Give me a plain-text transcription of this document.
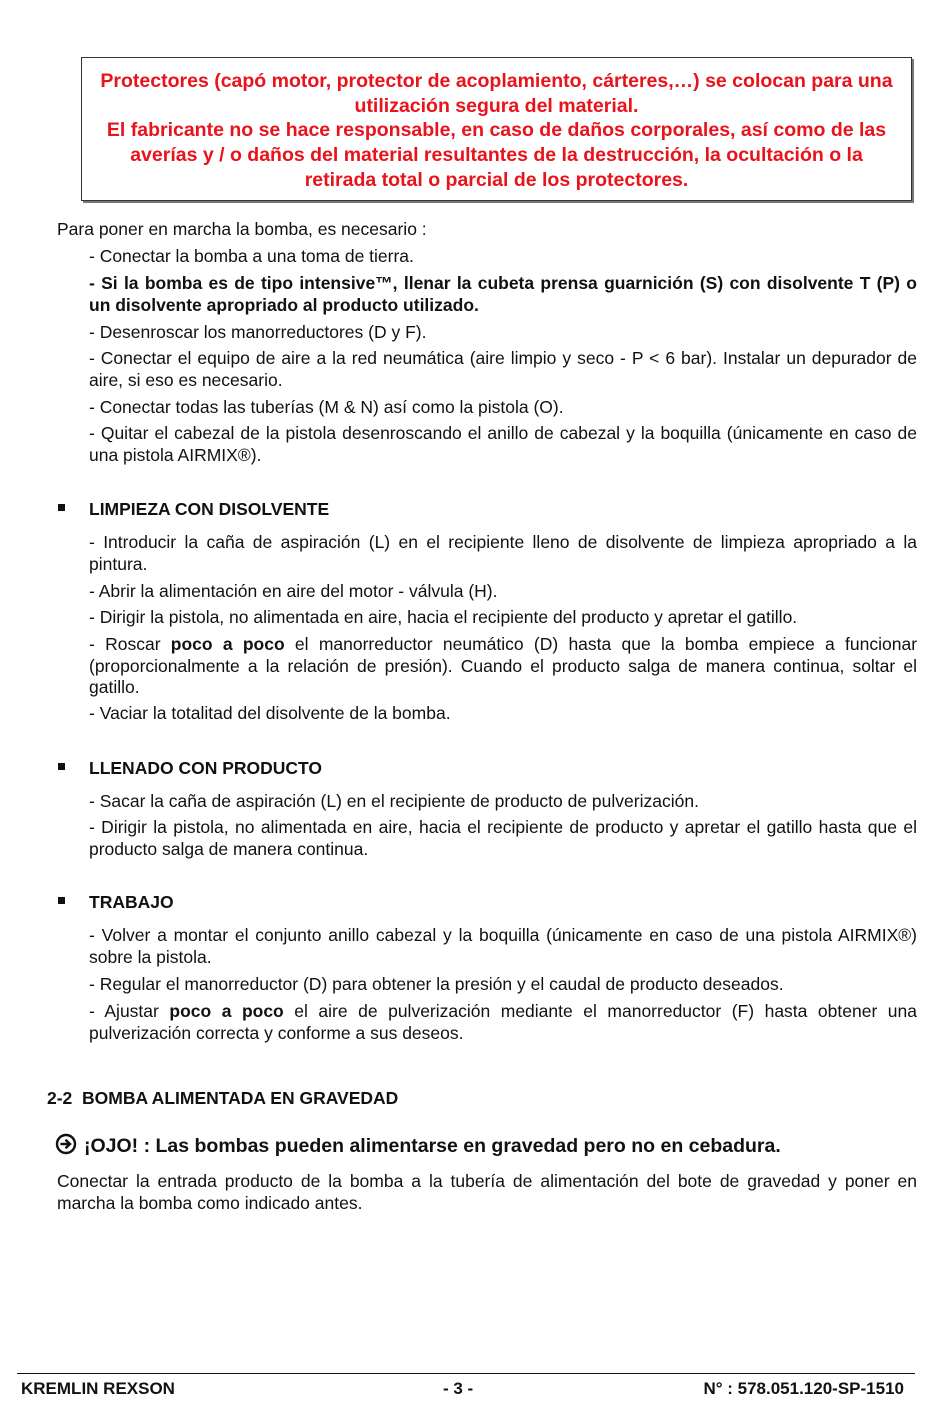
Protectores (capó motor, protector de acoplamiento, cárteres,…) se colocan para una utilización segura del material.

El fabricante no se hace responsable, en caso de daños corporales, así como de las averías y / o daños del material resultantes de la destrucción, la ocultación o la retirada total o parcial de los protectores.

Para poner en marcha la bomba, es necesario :

- Conectar la bomba a una toma de tierra.

- Si la bomba es de tipo intensive™, llenar la cubeta prensa guarnición (S) con disolvente T (P) o un disolvente apropriado al producto utilizado.

- Desenroscar los manorreductores (D y F).

- Conectar el equipo de aire a la red neumática (aire limpio y seco - P < 6 bar). Instalar un depurador de aire, si eso es necesario.

- Conectar todas las tuberías (M & N) así como la pistola (O).

- Quitar el cabezal de la pistola desenroscando el anillo de cabezal y la boquilla (únicamente en caso de una pistola AIRMIX®).

LIMPIEZA CON DISOLVENTE

- Introducir la caña de aspiración (L) en el recipiente lleno de disolvente de limpieza apropriado a la pintura.

- Abrir la alimentación en aire del motor - válvula (H).

- Dirigir la pistola, no alimentada en aire, hacia el recipiente del producto y apretar el gatillo.

- Roscar poco a poco el manorreductor neumático (D) hasta que la bomba empiece a funcionar (proporcionalmente a la relación de presión). Cuando el producto salga de manera continua, soltar el gatillo.

- Vaciar la totalitad del disolvente de la bomba.

LLENADO CON PRODUCTO

- Sacar la caña de aspiración (L) en el recipiente de producto de pulverización.

- Dirigir la pistola, no alimentada en aire, hacia el recipiente de producto y apretar el gatillo hasta que el producto salga de manera continua.

TRABAJO

- Volver a montar el conjunto anillo cabezal y la boquilla (únicamente en caso de una pistola AIRMIX®) sobre la pistola.

- Regular el manorreductor (D) para obtener la presión y el caudal de producto deseados.

- Ajustar poco a poco el aire de pulverización mediante el manorreductor (F) hasta obtener una pulverización correcta y conforme a sus deseos.

2-2  BOMBA ALIMENTADA EN GRAVEDAD

¡OJO! : Las bombas pueden alimentarse en gravedad pero no en cebadura.

Conectar la entrada producto de la bomba a la tubería de alimentación del bote de gravedad y poner en marcha la bomba como indicado antes.

KREMLIN REXSON	- 3 -	N° : 578.051.120-SP-1510
